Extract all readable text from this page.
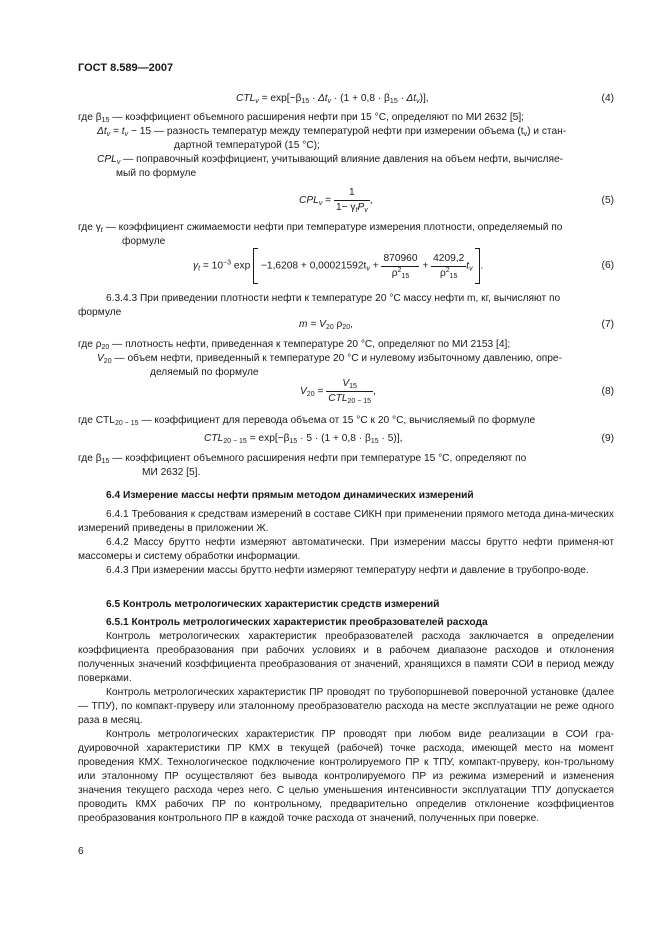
ГОСТ 8.589—2007
$CTL_v = \exp[-\beta_{15} \cdot \Delta t_v \cdot (1 + 0,8 \cdot \beta_{15} \cdot \Delta t_v)]$,	(4)
где $\beta_{15}$ — коэффициент объемного расширения нефти при 15 °С, определяют по МИ 2632 [5];
$\Delta t_v = t_v - 15$ — разность температур между температурой нефти при измерении объема $(t_v)$ и стан-
дартной температурой (15 °С);
$CPL_v$ — поправочный коэффициент, учитывающий влияние давления на объем нефти, вычисляе-
мый по формуле
$CPL_v = \frac{1}{1- \gamma_tP_v}$ ,	(5)
где $\gamma_t$ — коэффициент сжимаемости нефти при температуре измерения плотности, определяемый по
формуле
$\gamma_t = 10^{-3}$ $\exp -1,6208 + 0,00021592t_v + \frac{870960}{\rho^2_{15}} + \frac{4209,2}{\rho^2_{15}} t_v$ .	(6)
6.3.4.3 При приведении плотности нефти к температуре 20 °С массу нефти m, кг, вычисляют по
формуле
$m = V_{20}$ $\rho_{20}$,	(7)
где $\rho_{20}$ — плотность нефти, приведенная к температуре 20 °С, определяют по МИ 2153 [4];
$V_{20}$ — объем нефти, приведенный к температуре 20 °С и нулевому избыточному давлению, опре-
деляемый по формуле
$V_{20} = \frac{V_{15}}{CTL_{20 - 15}}$ ,	(8)
где $CTL_{20 - 15}$ — коэффициент для перевода объема от 15 °С к 20 °С, вычисляемый по формуле
$CTL_{20 - 15} = \exp[-\beta_{15} \cdot 5 \cdot (1 + 0,8 \cdot \beta_{15} \cdot 5)]$,	(9)
где $\beta_{15}$ — коэффициент объемного расширения нефти при температуре 15 °С, определяют по
МИ 2632 [5].
6.4 Измерение массы нефти прямым методом динамических измерений
6.4.1 Требования к средствам измерений в составе СИКН при применении прямого метода дина-мических измерений приведены в приложении Ж.
6.4.2 Массу брутто нефти измеряют автоматически. При измерении массы брутто нефти применя-ют массомеры и систему обработки информации.
6.4.3 При измерении массы брутто нефти измеряют температуру нефти и давление в трубопро-воде.
6.5 Контроль метрологических характеристик средств измерений
6.5.1 Контроль метрологических характеристик преобразователей расхода
Контроль метрологических характеристик преобразователей расхода заключается в определении коэффициента преобразования при рабочих условиях и в рабочем диапазоне расходов и отклонения полученных значений коэффициента преобразования от значений, хранящихся в памяти СОИ в период между поверками.
Контроль метрологических характеристик ПР проводят по трубопоршневой поверочной установке (далее — ТПУ), по компакт-пруверу или эталонному преобразователю расхода на месте эксплуатации не реже одного раза в месяц.
Контроль метрологических характеристик ПР проводят при любом виде реализации в СОИ гра-дуировочной характеристики ПР КМХ в текущей (рабочей) точке расхода, имеющей место на момент проведения КМХ. Технологическое подключение контролируемого ПР к ТПУ, компакт-пруверу, кон-трольному или эталонному ПР осуществляют без вывода контролируемого ПР из режима измерений и изменения значения текущего расхода через него. С целью уменьшения интенсивности эксплуатации ТПУ допускается проводить КМХ рабочих ПР по контрольному, предварительно определив отклонение коэффициентов преобразования контрольного ПР в каждой точке расхода от значений, полученных при поверке.
6
